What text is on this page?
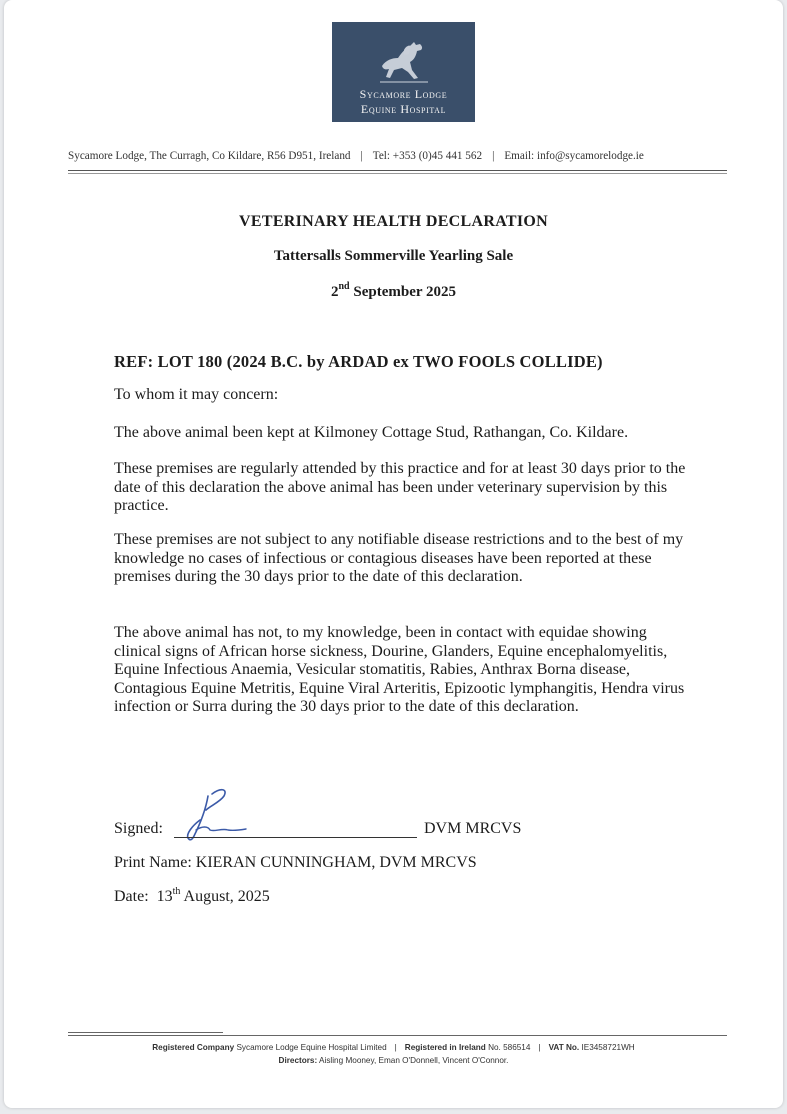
Sycamore Lodge
Equine Hospital
Sycamore Lodge, The Curragh, Co Kildare, R56 D951, Ireland | Tel: +353 (0)45 441 562 | Email: info@sycamorelodge.ie
VETERINARY HEALTH DECLARATION
Tattersalls Sommerville Yearling Sale
2nd September 2025
REF: LOT 180 (2024 B.C. by ARDAD ex TWO FOOLS COLLIDE)
To whom it may concern:
The above animal been kept at Kilmoney Cottage Stud, Rathangan, Co. Kildare.
These premises are regularly attended by this practice and for at least 30 days prior to the date of this declaration the above animal has been under veterinary supervision by this practice.
These premises are not subject to any notifiable disease restrictions and to the best of my knowledge no cases of infectious or contagious diseases have been reported at these premises during the 30 days prior to the date of this declaration.
The above animal has not, to my knowledge, been in contact with equidae showing clinical signs of African horse sickness, Dourine, Glanders, Equine encephalomyelitis, Equine Infectious Anaemia, Vesicular stomatitis, Rabies, Anthrax Borna disease, Contagious Equine Metritis, Equine Viral Arteritis, Epizootic lymphangitis, Hendra virus infection or Surra during the 30 days prior to the date of this declaration.
Signed:	DVM MRCVS
Print Name: KIERAN CUNNINGHAM, DVM MRCVS
Date: 13th August, 2025
Registered Company Sycamore Lodge Equine Hospital Limited | Registered in Ireland No. 586514 | VAT No. IE3458721WH
Directors: Aisling Mooney, Eman O'Donnell, Vincent O'Connor.
